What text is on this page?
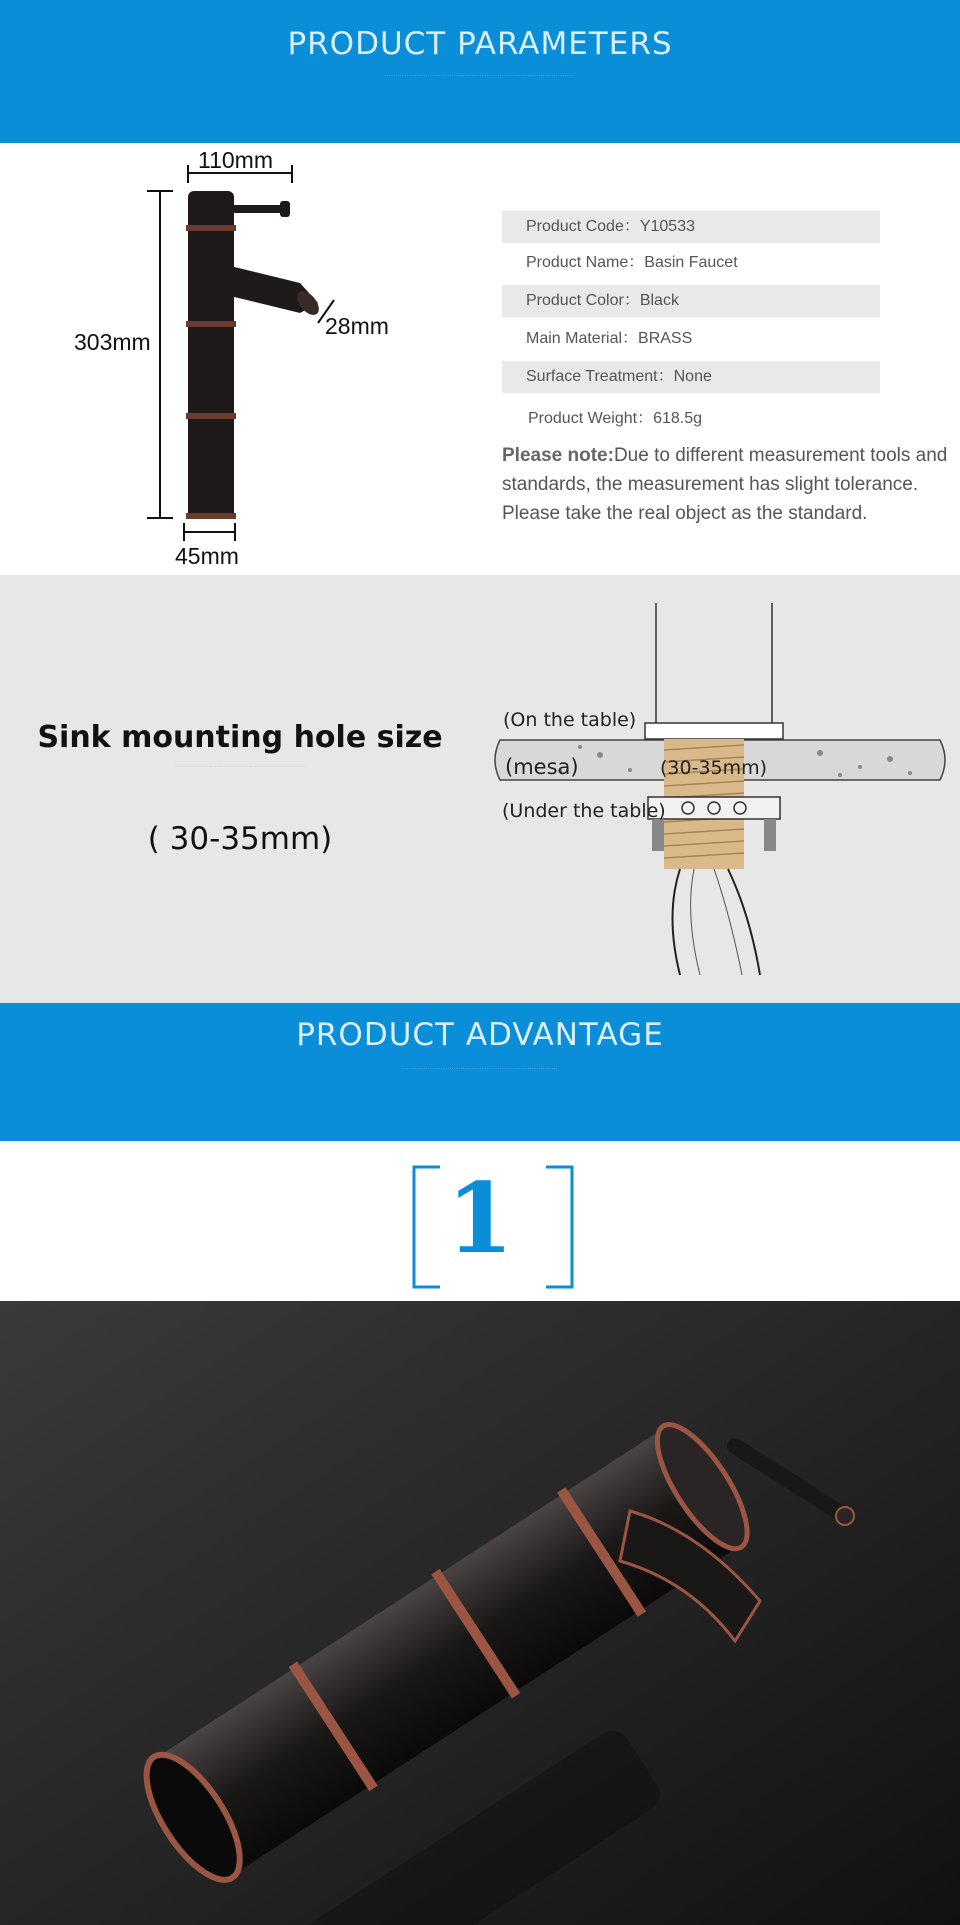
PRODUCT PARAMETERS
························································································
110mm
303mm
28mm
45mm
Product Code：Y10533
Product Name：Basin Faucet
Product Color：Black
Main Material：BRASS
Surface Treatment：None
Product Weight：618.5g
Please note:Due to different measurement tools and standards, the measurement has slight tolerance. Please take the real object as the standard.
Sink mounting hole size
··············································································
( 30-35mm)
(On the table)
(mesa)	(30-35mm)
(Under the table)
PRODUCT ADVANTAGE
········································································
1
